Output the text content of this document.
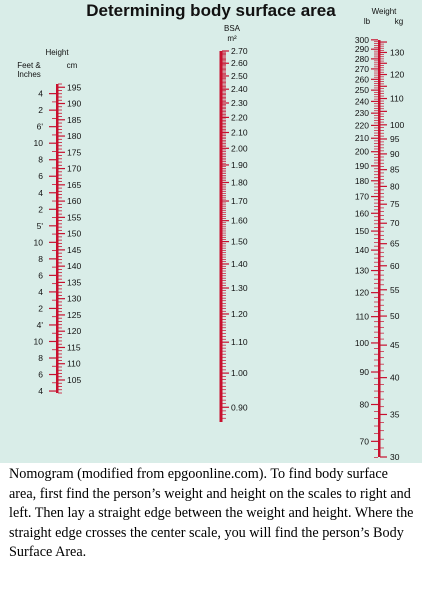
Determining body surface area
Height
Feet &
Inches
cm
BSA
m²
Weight
lb	kg
195
190
185
180
175
170
165
160
155
150
145
140
135
130
125
120
115
110
105
4
2
6'
10
8
6
4
2
5'
10
8
6
4
2
4'
10
8
6
4
2.70
2.60
2.50
2.40
2.30
2.20
2.10
2.00
1.90
1.80
1.70
1.60
1.50
1.40
1.30
1.20
1.10
1.00
0.90
130
120
110
100
95
90
85
80
75
70
65
60
55
50
45
40
35
30
300
290
280
270
260
250
240
230
220
210
200
190
180
170
160
150
140
130
120
110
100
90
80
70

Nomogram (modified from epgoonline.com). To find body surface area, first find the person’s weight and height on the scales to right and left. Then lay a straight edge between the weight and height. Where the straight edge crosses the center scale, you will find the person’s Body Surface Area.
